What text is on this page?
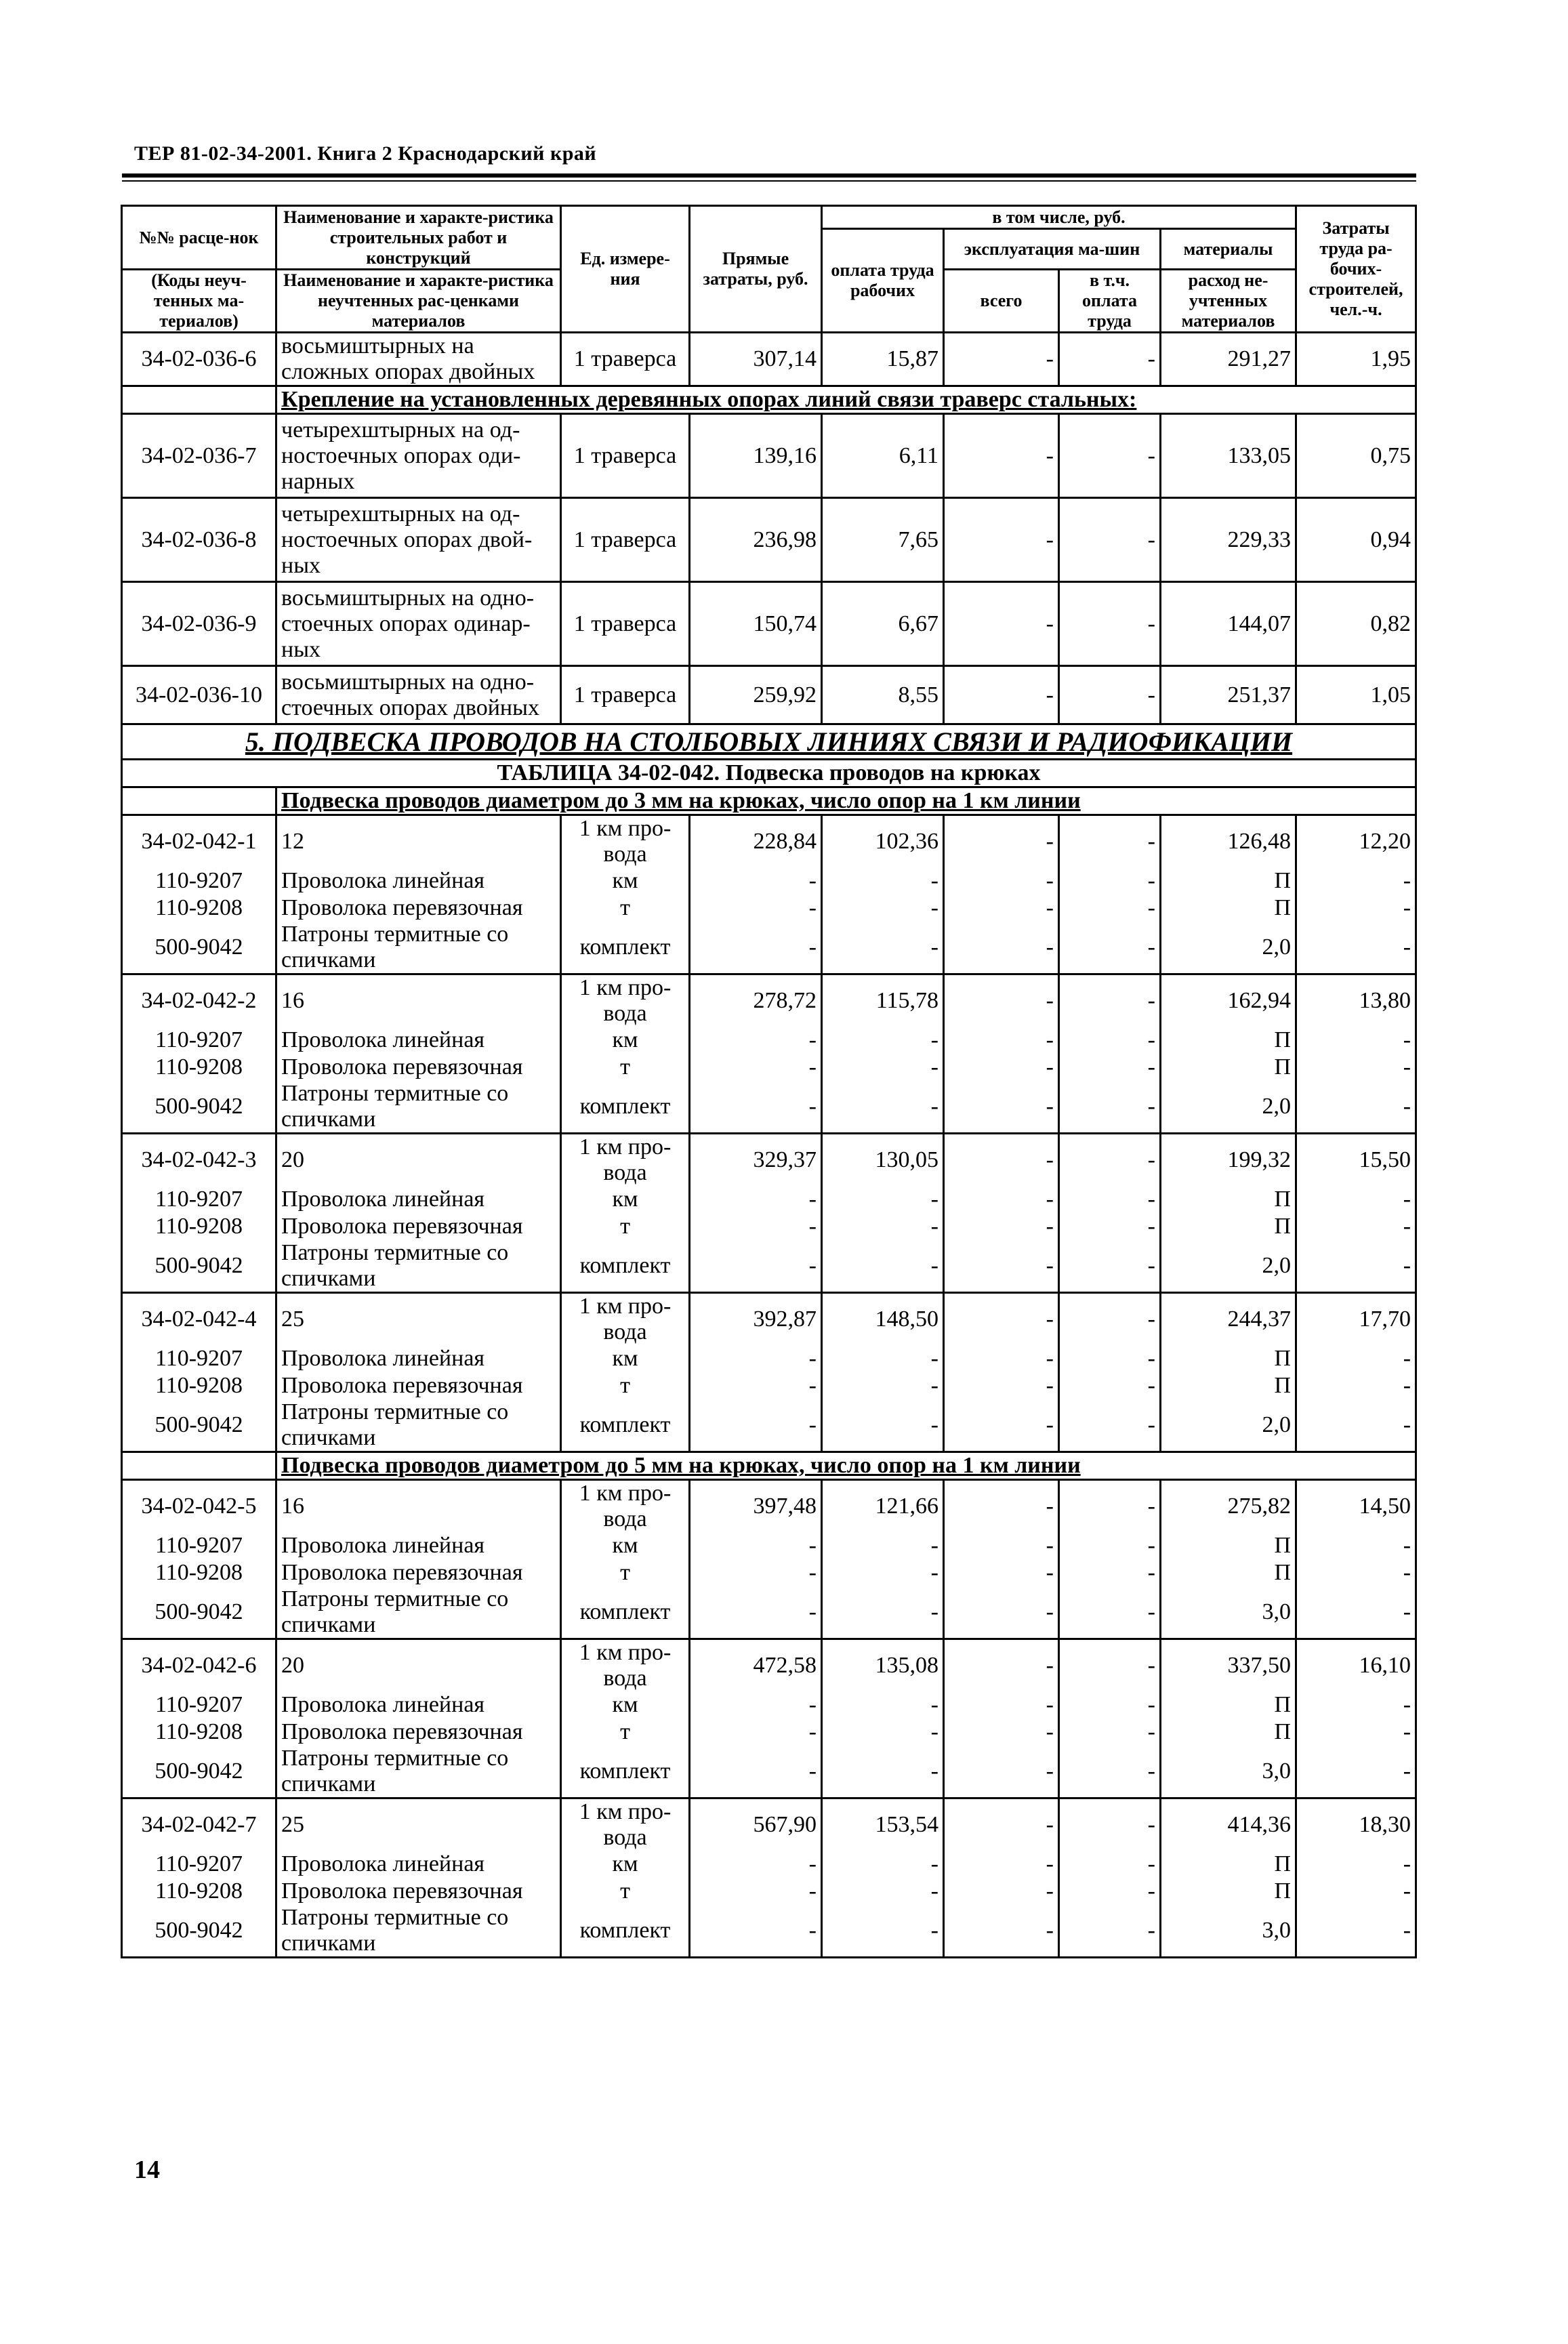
ТЕР 81-02-34-2001. Книга 2 Краснодарский край
№№ расце-нок	Наименование и характе-ристика строительных работ и конструкций	Ед. измере-ния	Прямые затраты, руб.	в том числе, руб.				Затраты труда ра-бочих-строителей, чел.-ч.
				оплата труда рабочих	эксплуатация ма-шин		материалы	

(Коды неуч-тенных ма-териалов)	Наименование и характе-ристика неучтенных рас-ценками материалов				всего	в т.ч. оплата труда	расход не-учтенных материалов	

34-02-036-6	восьмиштырных на сложных опорах двойных	1 траверса	307,14	15,87	-	-	291,27	1,95
	Крепление на установленных деревянных опорах линий связи траверс стальных:							
34-02-036-7	четырехштырных на од-ностоечных опорах оди-нарных	1 траверса	139,16	6,11	-	-	133,05	0,75
34-02-036-8	четырехштырных на од-ностоечных опорах двой-ных	1 траверса	236,98	7,65	-	-	229,33	0,94
34-02-036-9	восьмиштырных на одно-стоечных опорах одинар-ных	1 траверса	150,74	6,67	-	-	144,07	0,82
34-02-036-10	восьмиштырных на одно-стоечных опорах двойных	1 траверса	259,92	8,55	-	-	251,37	1,05
5. ПОДВЕСКА ПРОВОДОВ НА СТОЛБОВЫХ ЛИНИЯХ СВЯЗИ И РАДИОФИКАЦИИ								
ТАБЛИЦА 34-02-042. Подвеска проводов на крюках								
	Подвеска проводов диаметром до 3 мм на крюках, число опор на 1 км линии							
34-02-042-1	12	1 км про-вода	228,84	102,36	-	-	126,48	12,20
110-9207	Проволока линейная	км	-	-	-	-	П	-
110-9208	Проволока перевязочная	т	-	-	-	-	П	-
500-9042	Патроны термитные со спичками	комплект	-	-	-	-	2,0	-
34-02-042-2	16	1 км про-вода	278,72	115,78	-	-	162,94	13,80
110-9207	Проволока линейная	км	-	-	-	-	П	-
110-9208	Проволока перевязочная	т	-	-	-	-	П	-
500-9042	Патроны термитные со спичками	комплект	-	-	-	-	2,0	-
34-02-042-3	20	1 км про-вода	329,37	130,05	-	-	199,32	15,50
110-9207	Проволока линейная	км	-	-	-	-	П	-
110-9208	Проволока перевязочная	т	-	-	-	-	П	-
500-9042	Патроны термитные со спичками	комплект	-	-	-	-	2,0	-
34-02-042-4	25	1 км про-вода	392,87	148,50	-	-	244,37	17,70
110-9207	Проволока линейная	км	-	-	-	-	П	-
110-9208	Проволока перевязочная	т	-	-	-	-	П	-
500-9042	Патроны термитные со спичками	комплект	-	-	-	-	2,0	-
	Подвеска проводов диаметром до 5 мм на крюках, число опор на 1 км линии							
34-02-042-5	16	1 км про-вода	397,48	121,66	-	-	275,82	14,50
110-9207	Проволока линейная	км	-	-	-	-	П	-
110-9208	Проволока перевязочная	т	-	-	-	-	П	-
500-9042	Патроны термитные со спичками	комплект	-	-	-	-	3,0	-
34-02-042-6	20	1 км про-вода	472,58	135,08	-	-	337,50	16,10
110-9207	Проволока линейная	км	-	-	-	-	П	-
110-9208	Проволока перевязочная	т	-	-	-	-	П	-
500-9042	Патроны термитные со спичками	комплект	-	-	-	-	3,0	-
34-02-042-7	25	1 км про-вода	567,90	153,54	-	-	414,36	18,30
110-9207	Проволока линейная	км	-	-	-	-	П	-
110-9208	Проволока перевязочная	т	-	-	-	-	П	-
500-9042	Патроны термитные со спичками	комплект	-	-	-	-	3,0	-
14
